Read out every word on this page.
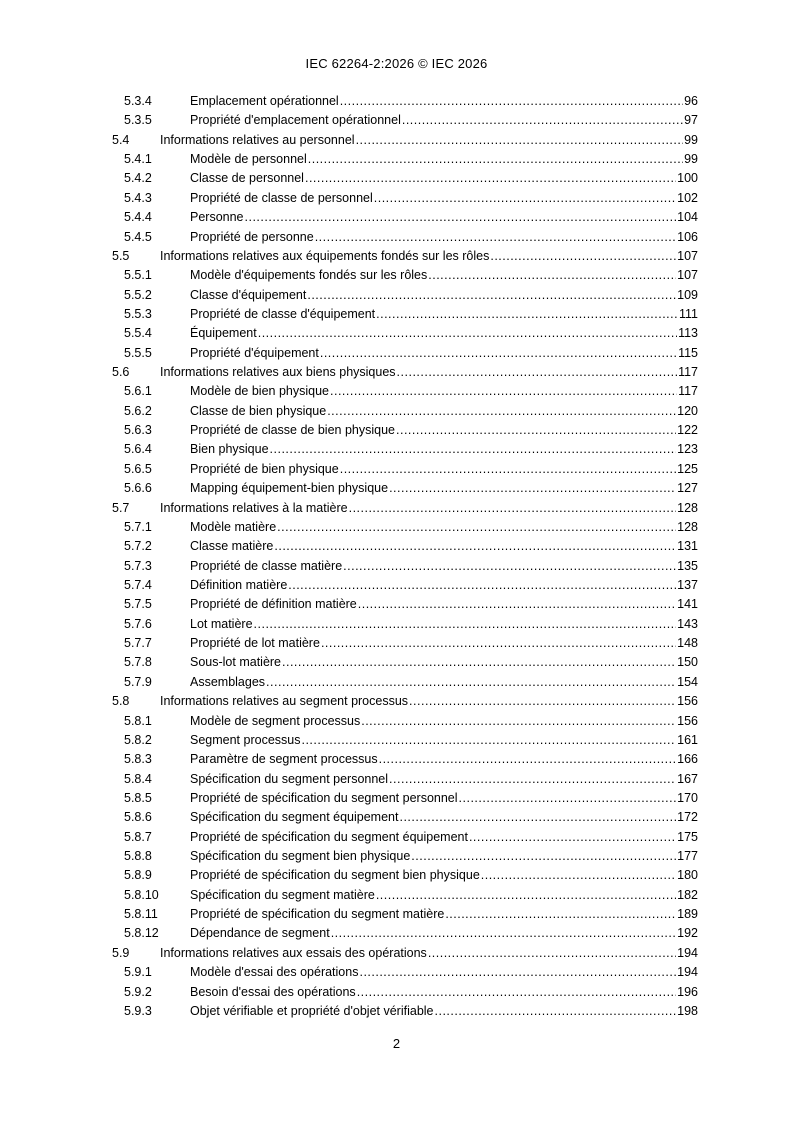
IEC 62264-2:2026 © IEC 2026
5.3.4	Emplacement opérationnel .....	96
5.3.5	Propriété d'emplacement opérationnel .....	97
5.4 Informations relatives au personnel .....	99
5.4.1	Modèle de personnel .....	99
5.4.2	Classe de personnel .....	100
5.4.3	Propriété de classe de personnel .....	102
5.4.4	Personne .....	104
5.4.5	Propriété de personne .....	106
5.5 Informations relatives aux équipements fondés sur les rôles .....	107
5.5.1	Modèle d'équipements fondés sur les rôles .....	107
5.5.2	Classe d'équipement .....	109
5.5.3	Propriété de classe d'équipement .....	111
5.5.4	Équipement .....	113
5.5.5	Propriété d'équipement .....	115
5.6 Informations relatives aux biens physiques .....	117
5.6.1	Modèle de bien physique .....	117
5.6.2	Classe de bien physique .....	120
5.6.3	Propriété de classe de bien physique .....	122
5.6.4	Bien physique .....	123
5.6.5	Propriété de bien physique .....	125
5.6.6	Mapping équipement-bien physique .....	127
5.7 Informations relatives à la matière .....	128
5.7.1	Modèle matière .....	128
5.7.2	Classe matière .....	131
5.7.3	Propriété de classe matière .....	135
5.7.4	Définition matière .....	137
5.7.5	Propriété de définition matière .....	141
5.7.6	Lot matière .....	143
5.7.7	Propriété de lot matière .....	148
5.7.8	Sous-lot matière .....	150
5.7.9	Assemblages .....	154
5.8 Informations relatives au segment processus .....	156
5.8.1	Modèle de segment processus .....	156
5.8.2	Segment processus .....	161
5.8.3	Paramètre de segment processus .....	166
5.8.4	Spécification du segment personnel .....	167
5.8.5	Propriété de spécification du segment personnel .....	170
5.8.6	Spécification du segment équipement .....	172
5.8.7	Propriété de spécification du segment équipement .....	175
5.8.8	Spécification du segment bien physique .....	177
5.8.9	Propriété de spécification du segment bien physique .....	180
5.8.10 Spécification du segment matière .....	182
5.8.11	Propriété de spécification du segment matière .....	189
5.8.12 Dépendance de segment .....	192
5.9 Informations relatives aux essais des opérations .....	194
5.9.1	Modèle d'essai des opérations .....	194
5.9.2	Besoin d'essai des opérations .....	196
5.9.3	Objet vérifiable et propriété d'objet vérifiable .....	198
2
